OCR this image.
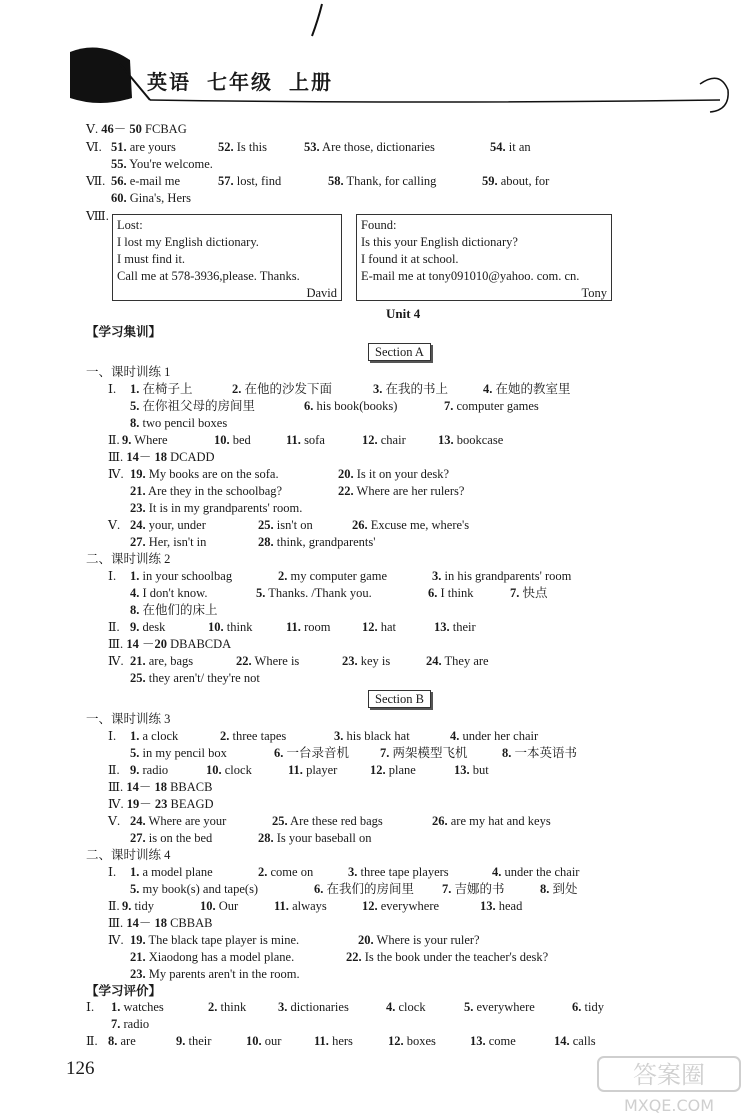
英语 七年级 上册
Ⅴ. 46－ 50 FCBAG
Ⅵ. 51. are yours	52. Is this	53. Are those, dictionaries	54. it an
55. You're welcome.
Ⅶ. 56. e-mail me	57. lost, find	58. Thank, for calling	59. about, for
60. Gina's, Hers
Ⅷ.
Lost:
I lost my English dictionary.
I must find it.
Call me at 578-3936,please. Thanks.
David
Found:
Is this your English dictionary?
I found it at school.
E-mail me at tony091010@yahoo. com. cn.
Tony
Unit 4
【学习集训】
Section A
一、课时训练 1
Ⅰ. 1. 在椅子上	2. 在他的沙发下面	3. 在我的书上	4. 在她的教室里
5. 在你祖父母的房间里	6. his book(books)	7. computer games
8. two pencil boxes
Ⅱ. 9. Where	10. bed	11. sofa	12. chair	13. bookcase
Ⅲ. 14－ 18 DCADD
Ⅳ. 19. My books are on the sofa.	20. Is it on your desk?
21. Are they in the schoolbag?	22. Where are her rulers?
23. It is in my grandparents' room.
Ⅴ. 24. your, under	25. isn't on	26. Excuse me, where's
27. Her, isn't in	28. think, grandparents'
二、课时训练 2
Ⅰ. 1. in your schoolbag	2. my computer game	3. in his grandparents' room
4. I don't know.	5. Thanks. /Thank you.	6. I think	7. 快点
8. 在他们的床上
Ⅱ. 9. desk	10. think	11. room	12. hat	13. their
Ⅲ. 14 －20 DBABCDA
Ⅳ. 21. are, bags	22. Where is	23. key is	24. They are
25. they aren't/ they're not
Section B
一、课时训练 3
Ⅰ. 1. a clock	2. three tapes	3. his black hat	4. under her chair
5. in my pencil box	6. 一台录音机 7. 两架模型飞机	8. 一本英语书
Ⅱ. 9. radio	10. clock	11. player	12. plane	13. but
Ⅲ. 14－ 18 BBACB
Ⅳ. 19－ 23 BEAGD
Ⅴ. 24. Where are your	25. Are these red bags	26. are my hat and keys
27. is on the bed	28. Is your baseball on
二、课时训练 4
Ⅰ. 1. a model plane	2. come on	3. three tape players	4. under the chair
5. my book(s) and tape(s)	6. 在我们的房间里 7. 吉娜的书	8. 到处
Ⅱ. 9. tidy	10. Our	11. always	12. everywhere	13. head
Ⅲ. 14－ 18 CBBAB
Ⅳ. 19. The black tape player is mine.	20. Where is your ruler?
21. Xiaodong has a model plane.	22. Is the book under the teacher's desk?
23. My parents aren't in the room.
【学习评价】
Ⅰ. 1. watches	2. think	3. dictionaries	4. clock	5. everywhere	6. tidy
7. radio
Ⅱ. 8. are	9. their	10. our	11. hers	12. boxes	13. come	14. calls
126	答案圈
MXQE.COM
